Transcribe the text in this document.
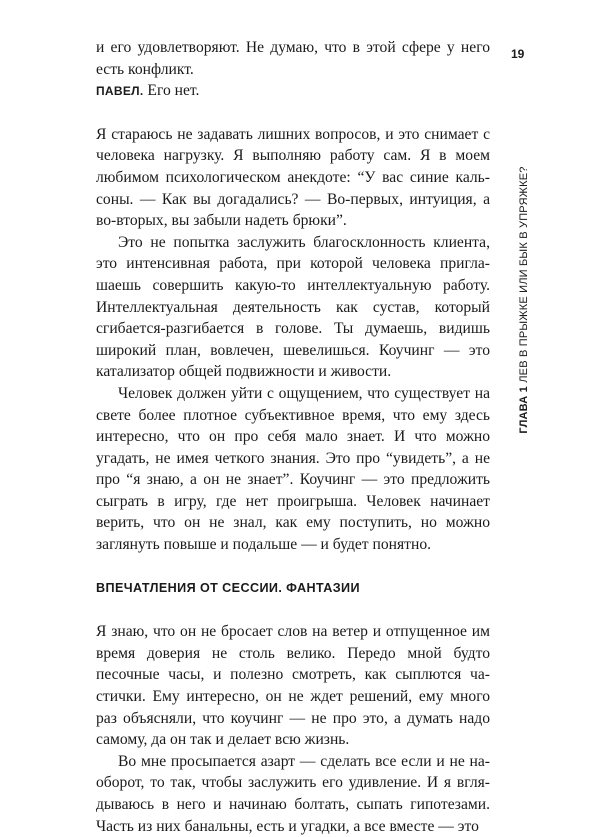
19
ГЛАВА 1 ЛЕВ В ПРЫЖКЕ ИЛИ БЫК В УПРЯЖКЕ?

и его удовлетворяют. Не думаю, что в этой сфере у него есть конфликт.

ПАВЕЛ. Его нет.

Я стараюсь не задавать лишних вопросов, и это снимает с человека нагрузку. Я выполняю работу сам. Я в моем любимом психологическом анекдоте: “У вас синие кальсоны. — Как вы догадались? — Во-первых, интуиция, а во-вторых, вы забыли надеть брюки”.

Это не попытка заслужить благосклонность клиента, это интенсивная работа, при которой человека приглашаешь совершить какую-то интеллектуальную работу. Интеллектуальная деятельность как сустав, который сгибается-разгибается в голове. Ты думаешь, видишь широкий план, вовлечен, шевелишься. Коучинг — это катализатор общей подвижности и живости.

Человек должен уйти с ощущением, что существует на свете более плотное субъективное время, что ему здесь интересно, что он про себя мало знает. И что можно угадать, не имея четкого знания. Это про “увидеть”, а не про “я знаю, а он не знает”. Коучинг — это предложить сыграть в игру, где нет проигрыша. Человек начинает верить, что он не знал, как ему поступить, но можно заглянуть повыше и подальше — и будет понятно.

ВПЕЧАТЛЕНИЯ ОТ СЕССИИ. ФАНТАЗИИ

Я знаю, что он не бросает слов на ветер и отпущенное им время доверия не столь велико. Передо мной будто песочные часы, и полезно смотреть, как сыплются частички. Ему интересно, он не ждет решений, ему много раз объясняли, что коучинг — не про это, а думать надо самому, да он так и делает всю жизнь.

Во мне просыпается азарт — сделать все если и не наоборот, то так, чтобы заслужить его удивление. И я вглядываюсь в него и начинаю болтать, сыпать гипотезами. Часть из них банальны, есть и угадки, а все вместе — это
